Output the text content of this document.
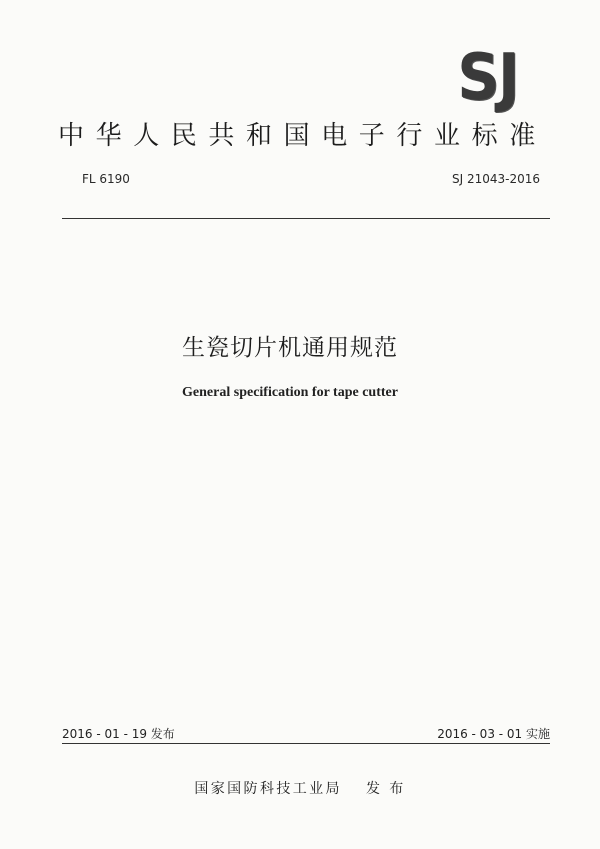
SJ
中华人民共和国电子行业标准
FL 6190	SJ 21043-2016
生瓷切片机通用规范
General specification for tape cutter
2016 - 01 - 19 发布	2016 - 03 - 01 实施
国家国防科技工业局 发 布
